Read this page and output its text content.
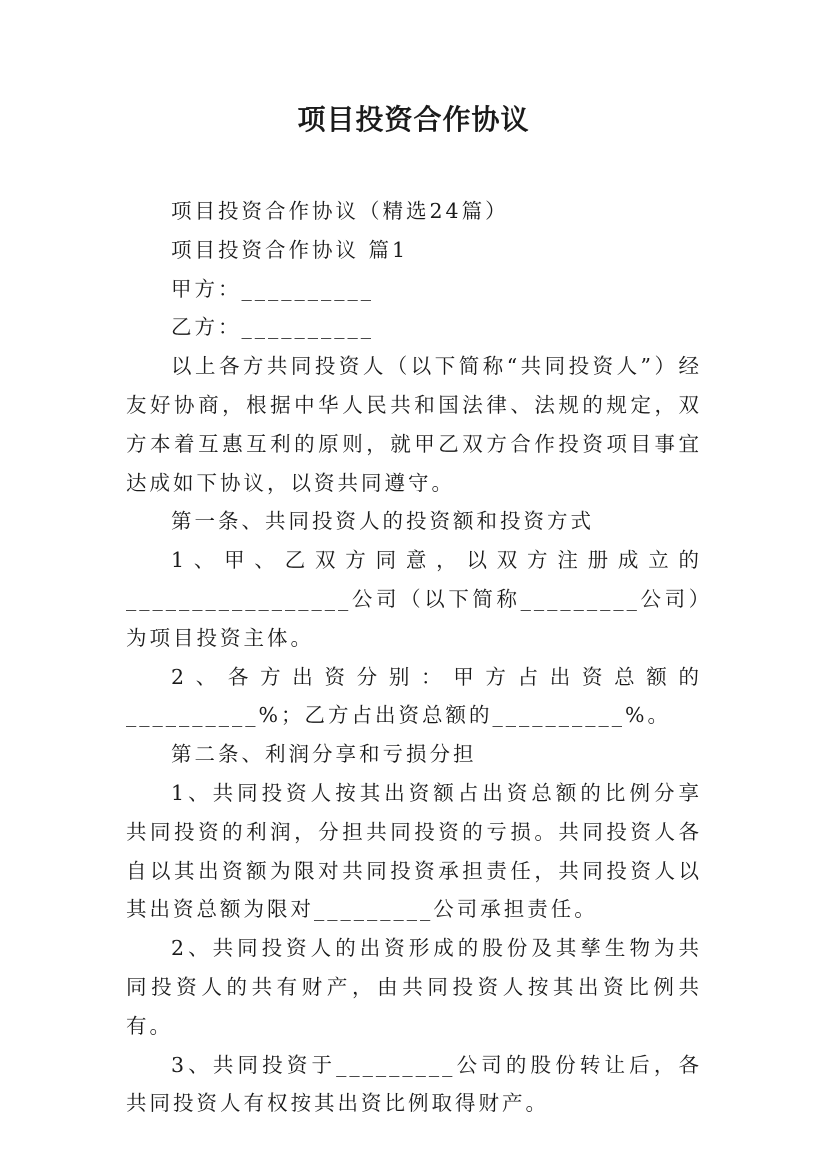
项目投资合作协议

项目投资合作协议（精选24篇）

项目投资合作协议 篇1

甲方：__________

乙方：__________

以上各方共同投资人（以下简称“共同投资人”）经友好协商，根据中华人民共和国法律、法规的规定，双方本着互惠互利的原则，就甲乙双方合作投资项目事宜达成如下协议，以资共同遵守。

第一条、共同投资人的投资额和投资方式

1、甲、乙双方同意，以双方注册成立的_________________公司（以下简称_________公司）为项目投资主体。

2、各方出资分别：甲方占出资总额的__________%；乙方占出资总额的__________%。

第二条、利润分享和亏损分担

1、共同投资人按其出资额占出资总额的比例分享共同投资的利润，分担共同投资的亏损。共同投资人各自以其出资额为限对共同投资承担责任，共同投资人以其出资总额为限对_________公司承担责任。

2、共同投资人的出资形成的股份及其孳生物为共同投资人的共有财产，由共同投资人按其出资比例共有。

3、共同投资于_________公司的股份转让后，各共同投资人有权按其出资比例取得财产。
